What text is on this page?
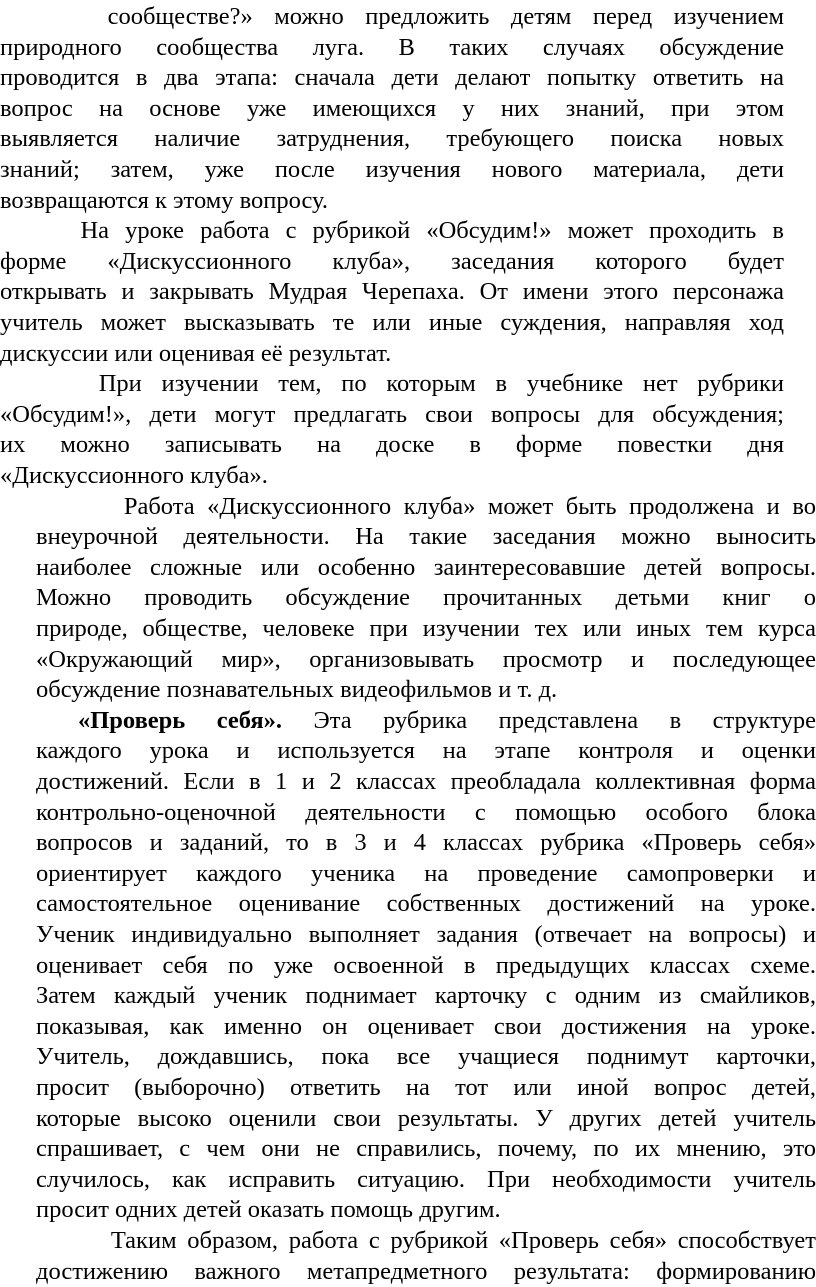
сообществе?» можно предложить детям перед изучением
природного сообщества луга. В таких случаях обсуждение
проводится в два этапа: сначала дети делают попытку ответить на
вопрос на основе уже имеющихся у них знаний, при этом
выявляется наличие затруднения, требующего поиска новых
знаний; затем, уже после изучения нового материала, дети
возвращаются к этому вопросу.
На уроке работа с рубрикой «Обсудим!» может проходить в
форме «Дискуссионного клуба», заседания которого будет
открывать и закрывать Мудрая Черепаха. От имени этого персонажа
учитель может высказывать те или иные суждения, направляя ход
дискуссии или оценивая её результат.
При изучении тем, по которым в учебнике нет рубрики
«Обсудим!», дети могут предлагать свои вопросы для обсуждения;
их можно записывать на доске в форме повестки дня
«Дискуссионного клуба».
Работа «Дискуссионного клуба» может быть продолжена и во
внеурочной деятельности. На такие заседания можно выносить
наиболее сложные или особенно заинтересовавшие детей вопросы.
Можно проводить обсуждение прочитанных детьми книг о
природе, обществе, человеке при изучении тех или иных тем курса
«Окружающий мир», организовывать просмотр и последующее
обсуждение познавательных видеофильмов и т. д.
«Проверь себя». Эта рубрика представлена в структуре
каждого урока и используется на этапе контроля и оценки
достижений. Если в 1 и 2 классах преобладала коллективная форма
контрольно-оценочной деятельности с помощью особого блока
вопросов и заданий, то в 3 и 4 классах рубрика «Проверь себя»
ориентирует каждого ученика на проведение самопроверки и
самостоятельное оценивание собственных достижений на уроке.
Ученик индивидуально выполняет задания (отвечает на вопросы) и
оценивает себя по уже освоенной в предыдущих классах схеме.
Затем каждый ученик поднимает карточку с одним из смайликов,
показывая, как именно он оценивает свои достижения на уроке.
Учитель, дождавшись, пока все учащиеся поднимут карточки,
просит (выборочно) ответить на тот или иной вопрос детей,
которые высоко оценили свои результаты. У других детей учитель
спрашивает, с чем они не справились, почему, по их мнению, это
случилось, как исправить ситуацию. При необходимости учитель
просит одних детей оказать помощь другим.
Таким образом, работа с рубрикой «Проверь себя» способствует
достижению важного метапредметного результата: формированию
